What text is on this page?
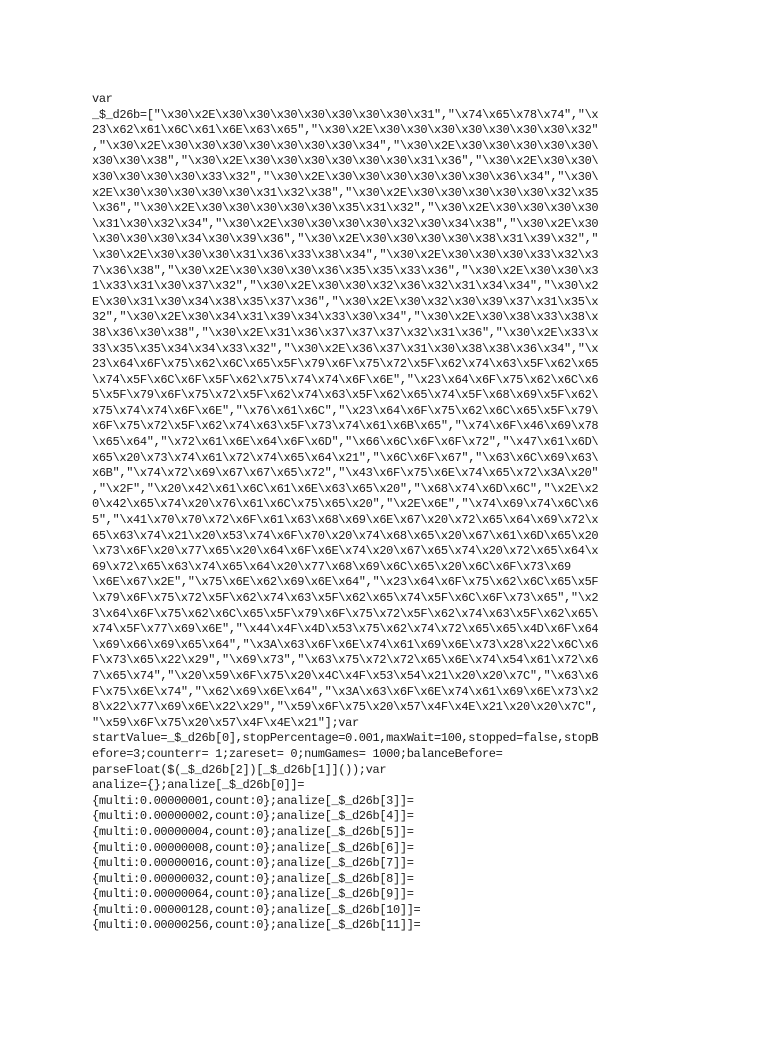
var
_$_d26b=["\x30\x2E\x30\x30\x30\x30\x30\x30\x30\x31","\x74\x65\x78\x74","\x
23\x62\x61\x6C\x61\x6E\x63\x65","\x30\x2E\x30\x30\x30\x30\x30\x30\x30\x32"
,"\x30\x2E\x30\x30\x30\x30\x30\x30\x30\x34","\x30\x2E\x30\x30\x30\x30\x30\
x30\x30\x38","\x30\x2E\x30\x30\x30\x30\x30\x30\x31\x36","\x30\x2E\x30\x30\
x30\x30\x30\x30\x33\x32","\x30\x2E\x30\x30\x30\x30\x30\x30\x36\x34","\x30\
x2E\x30\x30\x30\x30\x30\x31\x32\x38","\x30\x2E\x30\x30\x30\x30\x30\x32\x35
\x36","\x30\x2E\x30\x30\x30\x30\x30\x35\x31\x32","\x30\x2E\x30\x30\x30\x30
\x31\x30\x32\x34","\x30\x2E\x30\x30\x30\x30\x32\x30\x34\x38","\x30\x2E\x30
\x30\x30\x30\x34\x30\x39\x36","\x30\x2E\x30\x30\x30\x30\x38\x31\x39\x32","
\x30\x2E\x30\x30\x30\x31\x36\x33\x38\x34","\x30\x2E\x30\x30\x30\x33\x32\x3
7\x36\x38","\x30\x2E\x30\x30\x30\x36\x35\x35\x33\x36","\x30\x2E\x30\x30\x3
1\x33\x31\x30\x37\x32","\x30\x2E\x30\x30\x32\x36\x32\x31\x34\x34","\x30\x2
E\x30\x31\x30\x34\x38\x35\x37\x36","\x30\x2E\x30\x32\x30\x39\x37\x31\x35\x
32","\x30\x2E\x30\x34\x31\x39\x34\x33\x30\x34","\x30\x2E\x30\x38\x33\x38\x
38\x36\x30\x38","\x30\x2E\x31\x36\x37\x37\x37\x32\x31\x36","\x30\x2E\x33\x
33\x35\x35\x34\x34\x33\x32","\x30\x2E\x36\x37\x31\x30\x38\x38\x36\x34","\x
23\x64\x6F\x75\x62\x6C\x65\x5F\x79\x6F\x75\x72\x5F\x62\x74\x63\x5F\x62\x65
\x74\x5F\x6C\x6F\x5F\x62\x75\x74\x74\x6F\x6E","\x23\x64\x6F\x75\x62\x6C\x6
5\x5F\x79\x6F\x75\x72\x5F\x62\x74\x63\x5F\x62\x65\x74\x5F\x68\x69\x5F\x62\
x75\x74\x74\x6F\x6E","\x76\x61\x6C","\x23\x64\x6F\x75\x62\x6C\x65\x5F\x79\
x6F\x75\x72\x5F\x62\x74\x63\x5F\x73\x74\x61\x6B\x65","\x74\x6F\x46\x69\x78
\x65\x64","\x72\x61\x6E\x64\x6F\x6D","\x66\x6C\x6F\x6F\x72","\x47\x61\x6D\
x65\x20\x73\x74\x61\x72\x74\x65\x64\x21","\x6C\x6F\x67","\x63\x6C\x69\x63\
x6B","\x74\x72\x69\x67\x67\x65\x72","\x43\x6F\x75\x6E\x74\x65\x72\x3A\x20"
,"\x2F","\x20\x42\x61\x6C\x61\x6E\x63\x65\x20","\x68\x74\x6D\x6C","\x2E\x2
0\x42\x65\x74\x20\x76\x61\x6C\x75\x65\x20","\x2E\x6E","\x74\x69\x74\x6C\x6
5","\x41\x70\x70\x72\x6F\x61\x63\x68\x69\x6E\x67\x20\x72\x65\x64\x69\x72\x
65\x63\x74\x21\x20\x53\x74\x6F\x70\x20\x74\x68\x65\x20\x67\x61\x6D\x65\x20
\x73\x6F\x20\x77\x65\x20\x64\x6F\x6E\x74\x20\x67\x65\x74\x20\x72\x65\x64\x
69\x72\x65\x63\x74\x65\x64\x20\x77\x68\x69\x6C\x65\x20\x6C\x6F\x73\x69
\x6E\x67\x2E","\x75\x6E\x62\x69\x6E\x64","\x23\x64\x6F\x75\x62\x6C\x65\x5F
\x79\x6F\x75\x72\x5F\x62\x74\x63\x5F\x62\x65\x74\x5F\x6C\x6F\x73\x65","\x2
3\x64\x6F\x75\x62\x6C\x65\x5F\x79\x6F\x75\x72\x5F\x62\x74\x63\x5F\x62\x65\
x74\x5F\x77\x69\x6E","\x44\x4F\x4D\x53\x75\x62\x74\x72\x65\x65\x4D\x6F\x64
\x69\x66\x69\x65\x64","\x3A\x63\x6F\x6E\x74\x61\x69\x6E\x73\x28\x22\x6C\x6
F\x73\x65\x22\x29","\x69\x73","\x63\x75\x72\x72\x65\x6E\x74\x54\x61\x72\x6
7\x65\x74","\x20\x59\x6F\x75\x20\x4C\x4F\x53\x54\x21\x20\x20\x7C","\x63\x6
F\x75\x6E\x74","\x62\x69\x6E\x64","\x3A\x63\x6F\x6E\x74\x61\x69\x6E\x73\x2
8\x22\x77\x69\x6E\x22\x29","\x59\x6F\x75\x20\x57\x4F\x4E\x21\x20\x20\x7C",
"\x59\x6F\x75\x20\x57\x4F\x4E\x21"];var
startValue=_$_d26b[0],stopPercentage=0.001,maxWait=100,stopped=false,stopB
efore=3;counterr= 1;zareset= 0;numGames= 1000;balanceBefore=
parseFloat($(_$_d26b[2])[_$_d26b[1]]());var
analize={};analize[_$_d26b[0]]=
{multi:0.00000001,count:0};analize[_$_d26b[3]]=
{multi:0.00000002,count:0};analize[_$_d26b[4]]=
{multi:0.00000004,count:0};analize[_$_d26b[5]]=
{multi:0.00000008,count:0};analize[_$_d26b[6]]=
{multi:0.00000016,count:0};analize[_$_d26b[7]]=
{multi:0.00000032,count:0};analize[_$_d26b[8]]=
{multi:0.00000064,count:0};analize[_$_d26b[9]]=
{multi:0.00000128,count:0};analize[_$_d26b[10]]=
{multi:0.00000256,count:0};analize[_$_d26b[11]]=
